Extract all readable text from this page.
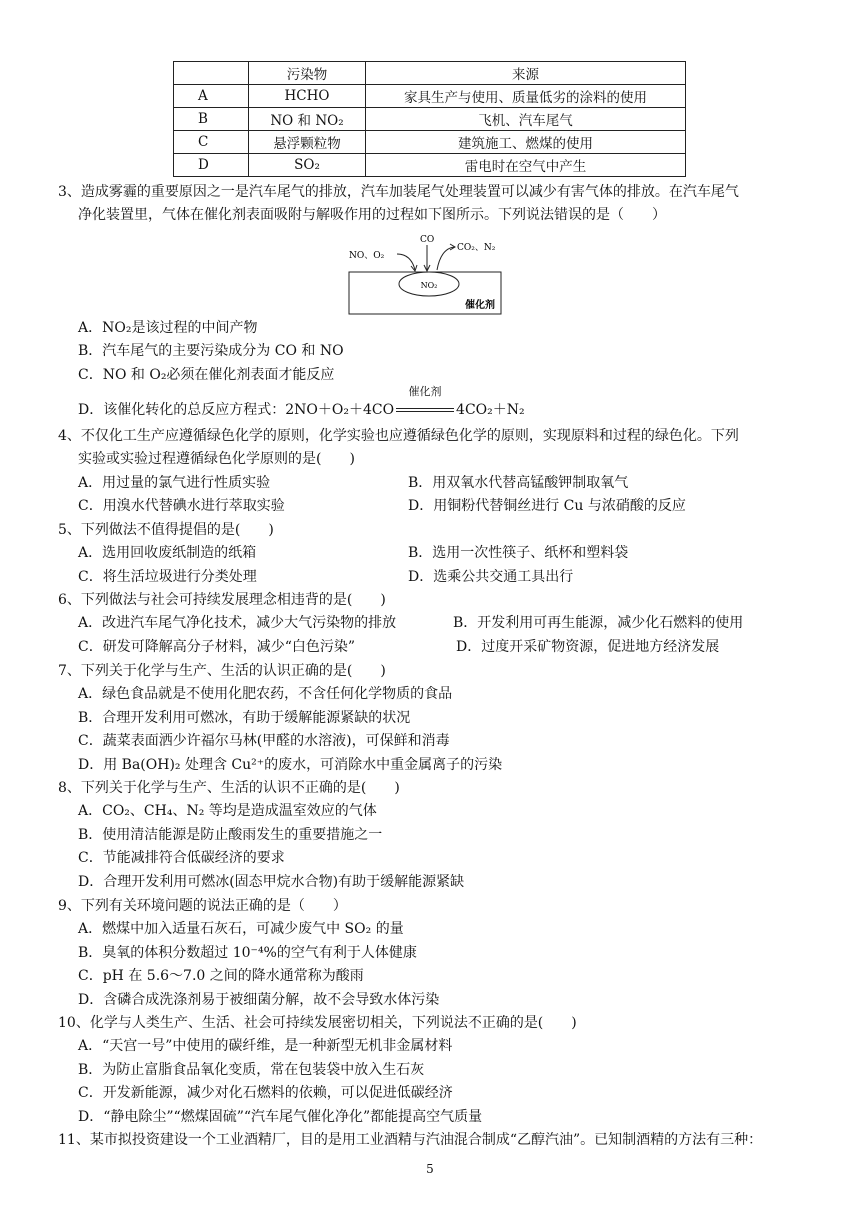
	污染物	来源
A	HCHO	家具生产与使用、质量低劣的涂料的使用
B	NO 和 NO₂	飞机、汽车尾气
C	悬浮颗粒物	建筑施工、燃煤的使用
D	SO₂	雷电时在空气中产生
3、造成雾霾的重要原因之一是汽车尾气的排放，汽车加装尾气处理装置可以减少有害气体的排放。在汽车尾气
净化装置里，气体在催化剂表面吸附与解吸作用的过程如下图所示。下列说法错误的是（　　）
NO₂
催化剂
NO、O₂
CO
CO₂、N₂
A．NO₂是该过程的中间产物
B．汽车尾气的主要污染成分为 CO 和 NO
C．NO 和 O₂必须在催化剂表面才能反应
D．该催化转化的总反应方程式：2NO＋O₂＋4CO
催化剂
4CO₂＋N₂
4、不仅化工生产应遵循绿色化学的原则，化学实验也应遵循绿色化学的原则，实现原料和过程的绿色化。下列
实验或实验过程遵循绿色化学原则的是(　　)
A．用过量的氯气进行性质实验	B．用双氧水代替高锰酸钾制取氧气
C．用溴水代替碘水进行萃取实验	D．用铜粉代替铜丝进行 Cu 与浓硝酸的反应
5、下列做法不值得提倡的是(　　)
A．选用回收废纸制造的纸箱	B．选用一次性筷子、纸杯和塑料袋
C．将生活垃圾进行分类处理	D．选乘公共交通工具出行
6、下列做法与社会可持续发展理念相违背的是(　　)
A．改进汽车尾气净化技术，减少大气污染物的排放	B．开发利用可再生能源，减少化石燃料的使用
C．研发可降解高分子材料，减少“白色污染”	D．过度开采矿物资源，促进地方经济发展
7、下列关于化学与生产、生活的认识正确的是(　　)
A．绿色食品就是不使用化肥农药，不含任何化学物质的食品
B．合理开发利用可燃冰，有助于缓解能源紧缺的状况
C．蔬菜表面洒少许福尔马林(甲醛的水溶液)，可保鲜和消毒
D．用 Ba(OH)₂ 处理含 Cu²⁺的废水，可消除水中重金属离子的污染
8、下列关于化学与生产、生活的认识不正确的是(　　)
A．CO₂、CH₄、N₂ 等均是造成温室效应的气体
B．使用清洁能源是防止酸雨发生的重要措施之一
C．节能减排符合低碳经济的要求
D．合理开发利用可燃冰(固态甲烷水合物)有助于缓解能源紧缺
9、下列有关环境问题的说法正确的是（　　）
A．燃煤中加入适量石灰石，可减少废气中 SO₂ 的量
B．臭氧的体积分数超过 10⁻⁴%的空气有利于人体健康
C．pH 在 5.6～7.0 之间的降水通常称为酸雨
D．含磷合成洗涤剂易于被细菌分解，故不会导致水体污染
10、化学与人类生产、生活、社会可持续发展密切相关，下列说法不正确的是(　　)
A．“天宫一号”中使用的碳纤维，是一种新型无机非金属材料
B．为防止富脂食品氧化变质，常在包装袋中放入生石灰
C．开发新能源，减少对化石燃料的依赖，可以促进低碳经济
D．“静电除尘”“燃煤固硫”“汽车尾气催化净化”都能提高空气质量
11、某市拟投资建设一个工业酒精厂，目的是用工业酒精与汽油混合制成“乙醇汽油”。已知制酒精的方法有三种：
5
